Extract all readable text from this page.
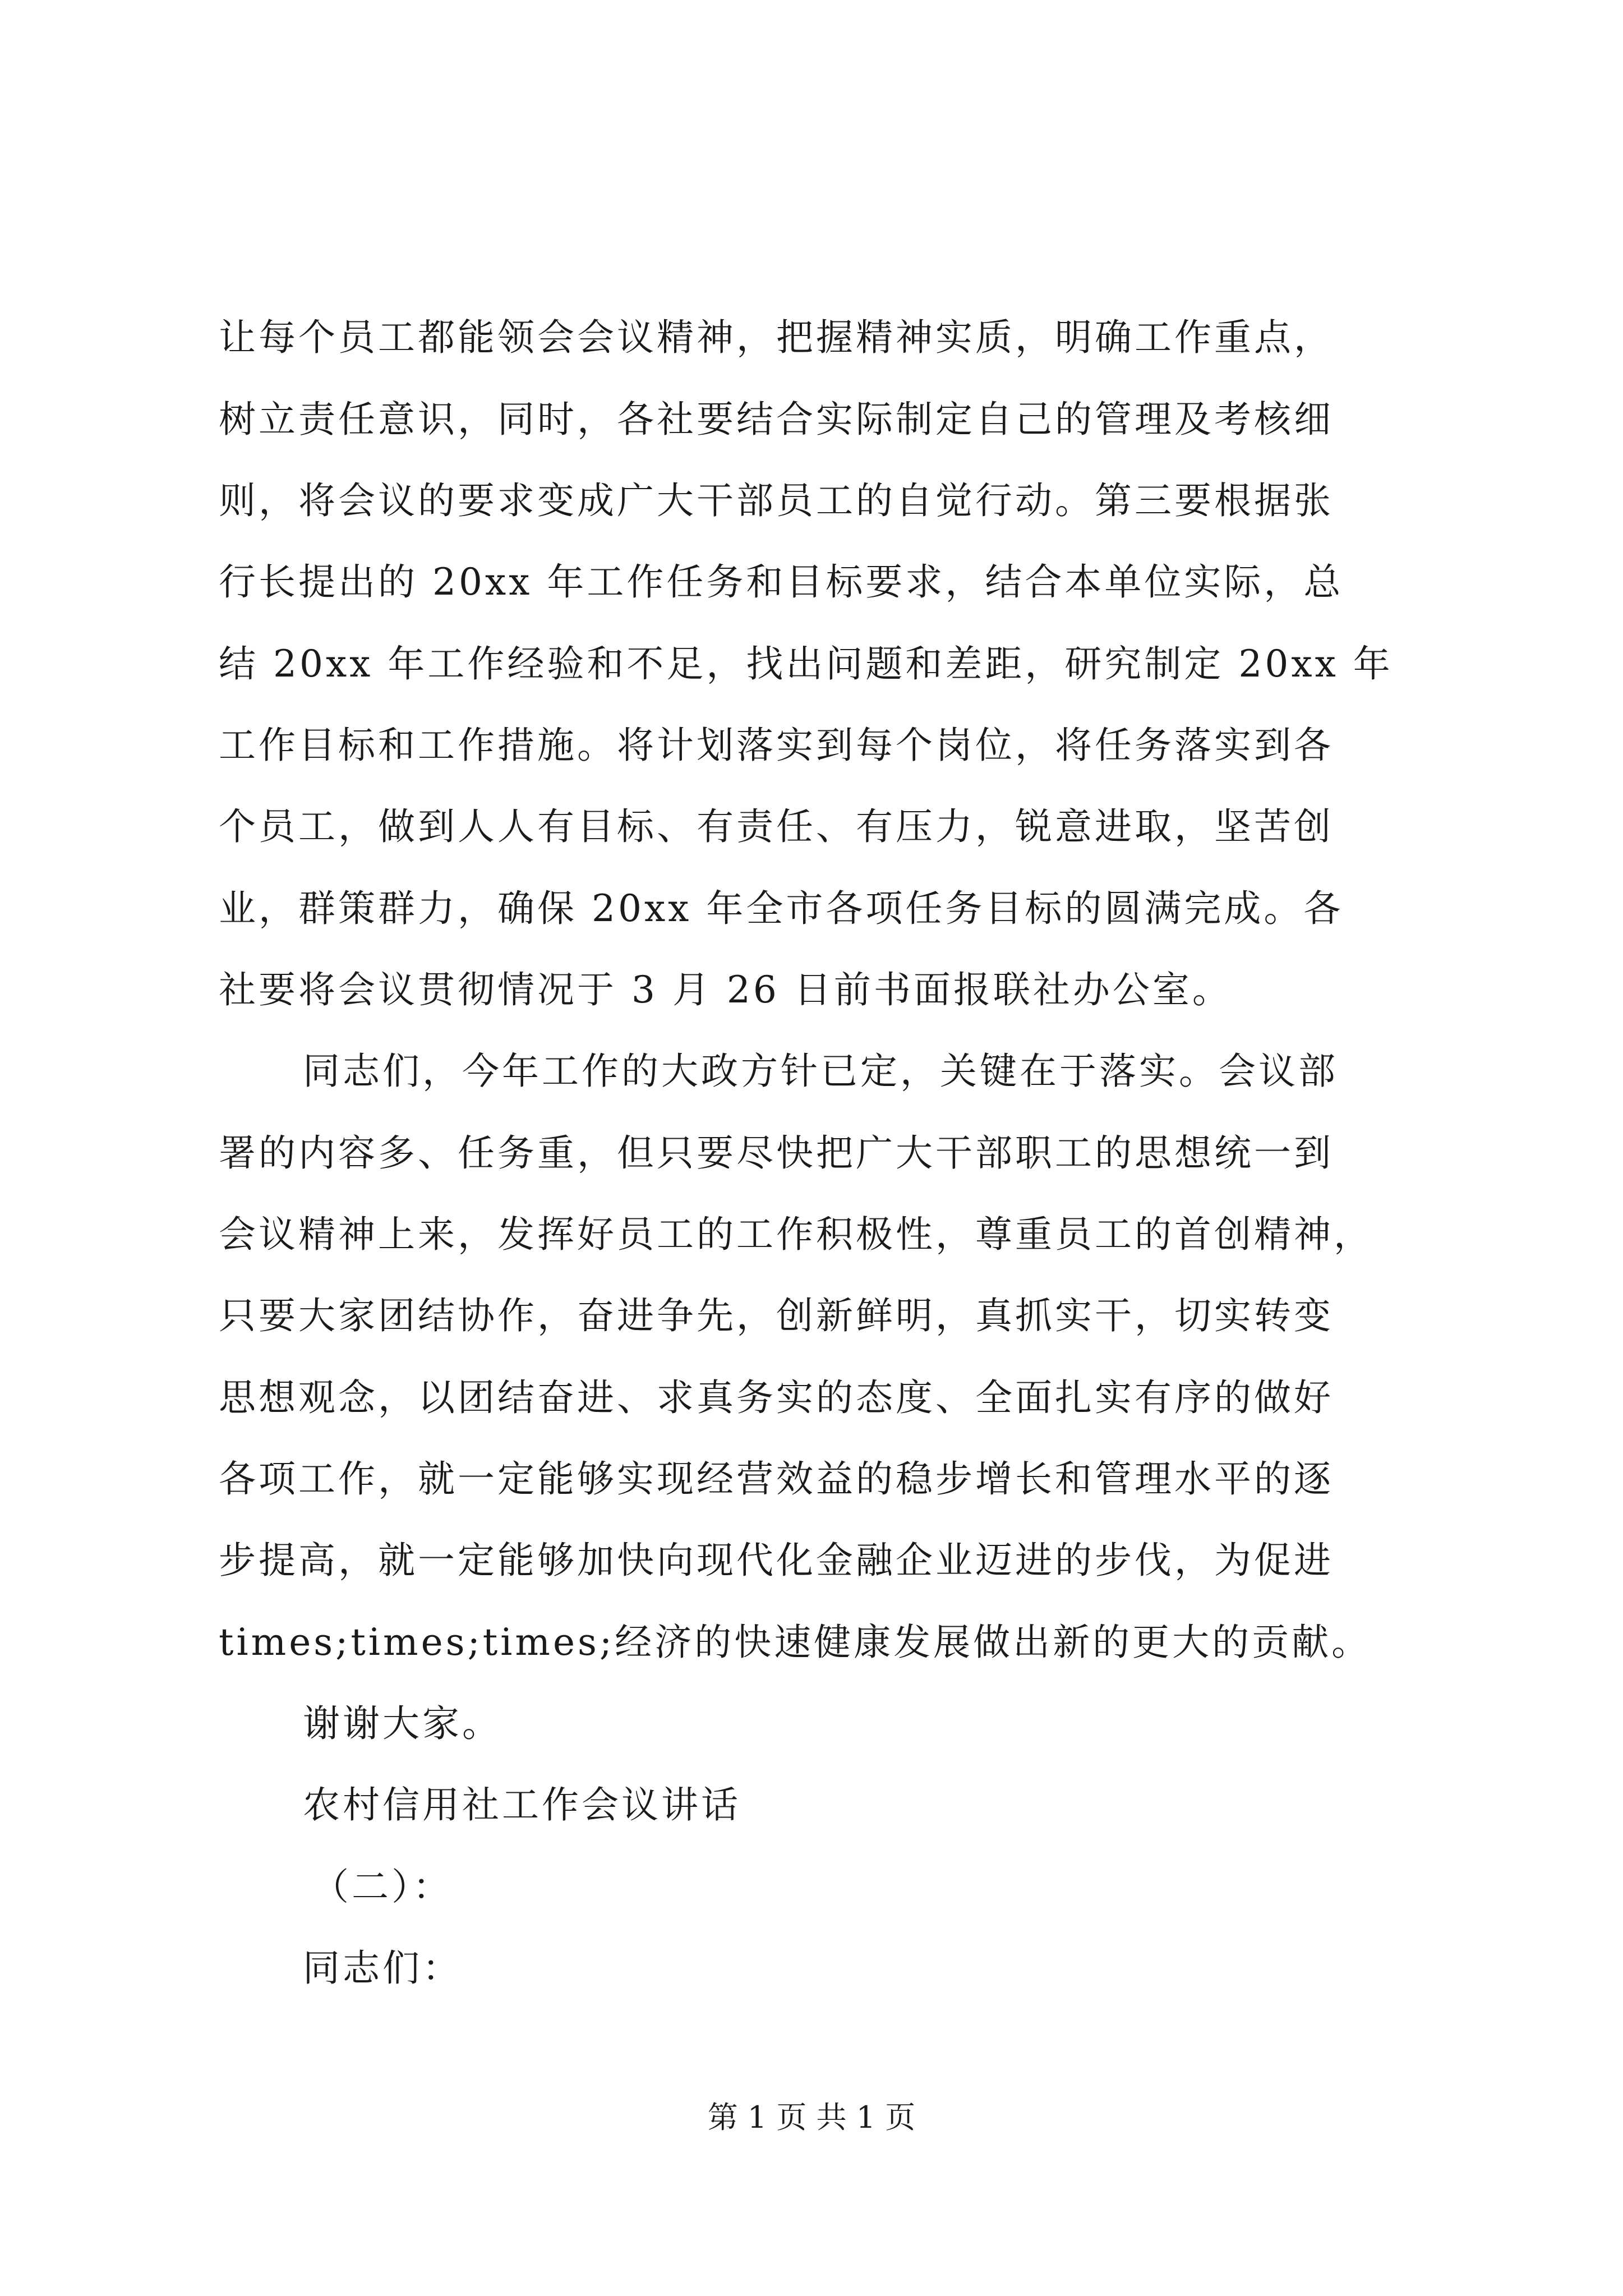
让每个员工都能领会会议精神，把握精神实质，明确工作重点，
树立责任意识，同时，各社要结合实际制定自己的管理及考核细
则，将会议的要求变成广大干部员工的自觉行动。第三要根据张
行长提出的 20xx 年工作任务和目标要求，结合本单位实际，总
结 20xx 年工作经验和不足，找出问题和差距，研究制定 20xx 年
工作目标和工作措施。将计划落实到每个岗位，将任务落实到各
个员工，做到人人有目标、有责任、有压力，锐意进取，坚苦创
业，群策群力，确保 20xx 年全市各项任务目标的圆满完成。各
社要将会议贯彻情况于 3 月 26 日前书面报联社办公室。
同志们，今年工作的大政方针已定，关键在于落实。会议部
署的内容多、任务重，但只要尽快把广大干部职工的思想统一到
会议精神上来，发挥好员工的工作积极性，尊重员工的首创精神，
只要大家团结协作，奋进争先，创新鲜明，真抓实干，切实转变
思想观念，以团结奋进、求真务实的态度、全面扎实有序的做好
各项工作，就一定能够实现经营效益的稳步增长和管理水平的逐
步提高，就一定能够加快向现代化金融企业迈进的步伐，为促进
times;times;times;经济的快速健康发展做出新的更大的贡献。
谢谢大家。
农村信用社工作会议讲话
（二）：
同志们：
第 1 页 共 1 页
